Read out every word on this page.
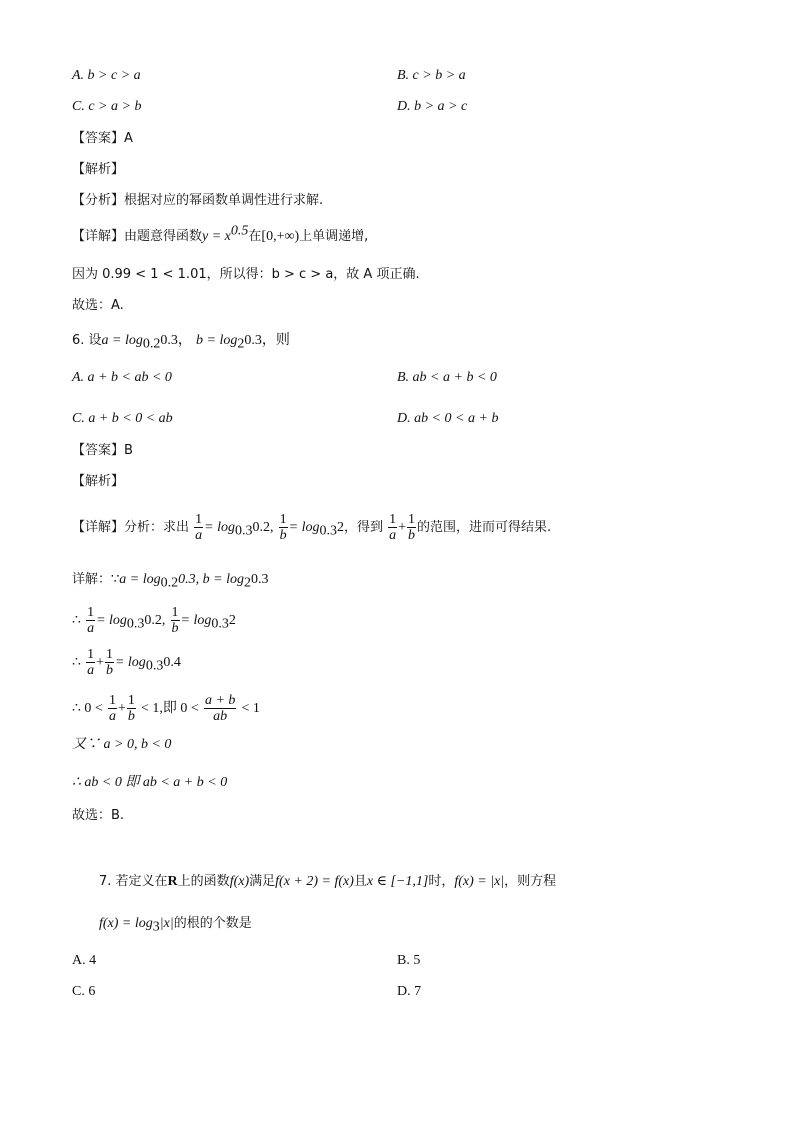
A. b > c > a	B. c > b > a
C. c > a > b	D. b > a > c
【答案】A
【解析】
【分析】根据对应的幂函数单调性进行求解.
【详解】由题意得函数$y = x^{0.5}$在[0,+∞)上单调递增,
因为 0.99 < 1 < 1.01，所以得：b > c > a，故 A 项正确.
故选：A.
6. 设$a = \log_{0.2}0.3$， $b = \log_20.3$，则
A. a + b < ab < 0	B. ab < a + b < 0
C. a + b < 0 < ab	D. ab < 0 < a + b
【答案】B
【解析】
【详解】分析：求出 $\frac{1}{a} = \log_{0.3}0.2$, $\frac{1}{b} = \log_{0.3}2$，得到 $\frac{1}{a} + \frac{1}{b}$ 的范围，进而可得结果.
详解：∵a = $\log_{0.2}0.3$, $b = \log_20.3$
∴ $\frac{1}{a} = \log_{0.3}0.2$, $\frac{1}{b} = \log_{0.3}2$
∴ $\frac{1}{a} + \frac{1}{b} = \log_{0.3}0.4$
∴ $0 < \frac{1}{a} + \frac{1}{b} < 1$,即 $0 < \frac{a + b}{ab} < 1$
又∵ a > 0, b < 0
∴ ab < 0 即 ab < a + b < 0
故选：B.
7. 若定义在R上的函数f(x)满足f(x + 2) = f(x)且x ∈ [−1,1]时，f(x) = |x|，则方程
$f(x) = \log_3|x|$的根的个数是
A. 4	B. 5
C. 6	D. 7
